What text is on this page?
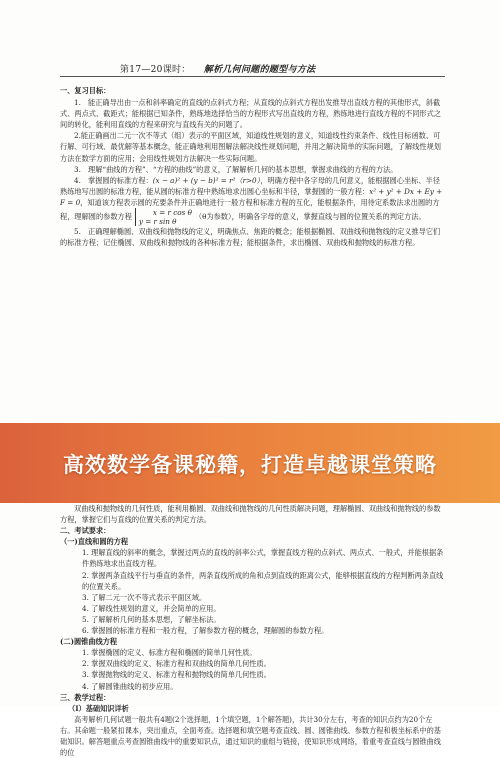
第17—20课时： 解析几何问题的题型与方法

一、复习目标：

1.　能正确导出由一点和斜率确定的直线的点斜式方程；从直线的点斜式方程出发推导出直线方程的其他形式，斜截式、两点式、截距式；能根据已知条件，熟练地选择恰当的方程形式写出直线的方程，熟练地进行直线方程的不同形式之间的转化，能利用直线的方程来研究与直线有关的问题了。

2.能正确画出二元一次不等式（组）表示的平面区域，知道线性规划的意义，知道线性约束条件、线性目标函数、可行解、可行域、最优解等基本概念，能正确地利用图解法解决线性规划问题，并用之解决简单的实际问题，了解线性规划方法在数学方面的应用；会用线性规划方法解决一些实际问题。

3.　理解“曲线的方程”、“方程的曲线”的意义，了解解析几何的基本思想，掌握求曲线的方程的方法。

4.　掌握圆的标准方程：(x − a)² + (y − b)² = r²（r>0），明确方程中各字母的几何意义，能根据圆心坐标、半径熟练地写出圆的标准方程，能从圆的标准方程中熟练地求出圆心坐标和半径，掌握圆的一般方程：x² + y² + Dx + Ey + F = 0，知道该方程表示圆的充要条件并正确地进行一般方程和标准方程的互化，能根据条件，用待定系数法求出圆的方程，理解圆的参数方程	x = r cos θ
y = r sin θ（θ为参数），明确各字母的意义，掌握直线与圆的位置关系的判定方法。

5.　正确理解椭圆、双曲线和抛物线的定义，明确焦点、焦距的概念；能根据椭圆、双曲线和抛物线的定义推导它们的标准方程；记住椭圆、双曲线和抛物线的各种标准方程；能根据条件，求出椭圆、双曲线和抛物线的标准方程。

高效数学备课秘籍，打造卓越课堂策略

双曲线和抛物线的几何性质，能利用椭圆、双曲线和抛物线的几何性质解决问题，理解椭圆、双曲线和抛物线的参数方程，掌握它们与直线的位置关系的判定方法。

二、考试要求：

（一)直线和圆的方程

1. 理解直线的斜率的概念，掌握过两点的直线的斜率公式，掌握直线方程的点斜式、两点式、一般式，并能根据条件熟练地求出直线方程。

2. 掌握两条直线平行与垂直的条件，两条直线所成的角和点到直线的距离公式，能够根据直线的方程判断两条直线的位置关系。

3. 了解二元一次不等式表示平面区域。

4. 了解线性规划的意义，并会简单的应用。

5. 了解解析几何的基本思想，了解坐标法。

6. 掌握圆的标准方程和一般方程，了解参数方程的概念，理解圆的参数方程。

(二)圆锥曲线方程

1. 掌握椭圆的定义、标准方程和椭圆的简单几何性质。

2. 掌握双曲线的定义、标准方程和双曲线的简单几何性质。

3. 掌握抛物线的定义、标准方程和抛物线的简单几何性质。

4. 了解圆锥曲线的初步应用。

三、教学过程：

（Ⅰ）基础知识详析

高考解析几何试题一般共有4题(2个选择题，1个填空题，1个解答题)，共计30分左右，考查的知识点约为20个左右。其命题一般紧扣课本，突出重点，全面考查。选择题和填空题考查直线、圆、圆锥曲线、参数方程和极坐标系中的基础知识。解答题重点考查圆锥曲线中的重要知识点，通过知识的重组与链接，使知识形成网络，着重考查直线与圆锥曲线的位
